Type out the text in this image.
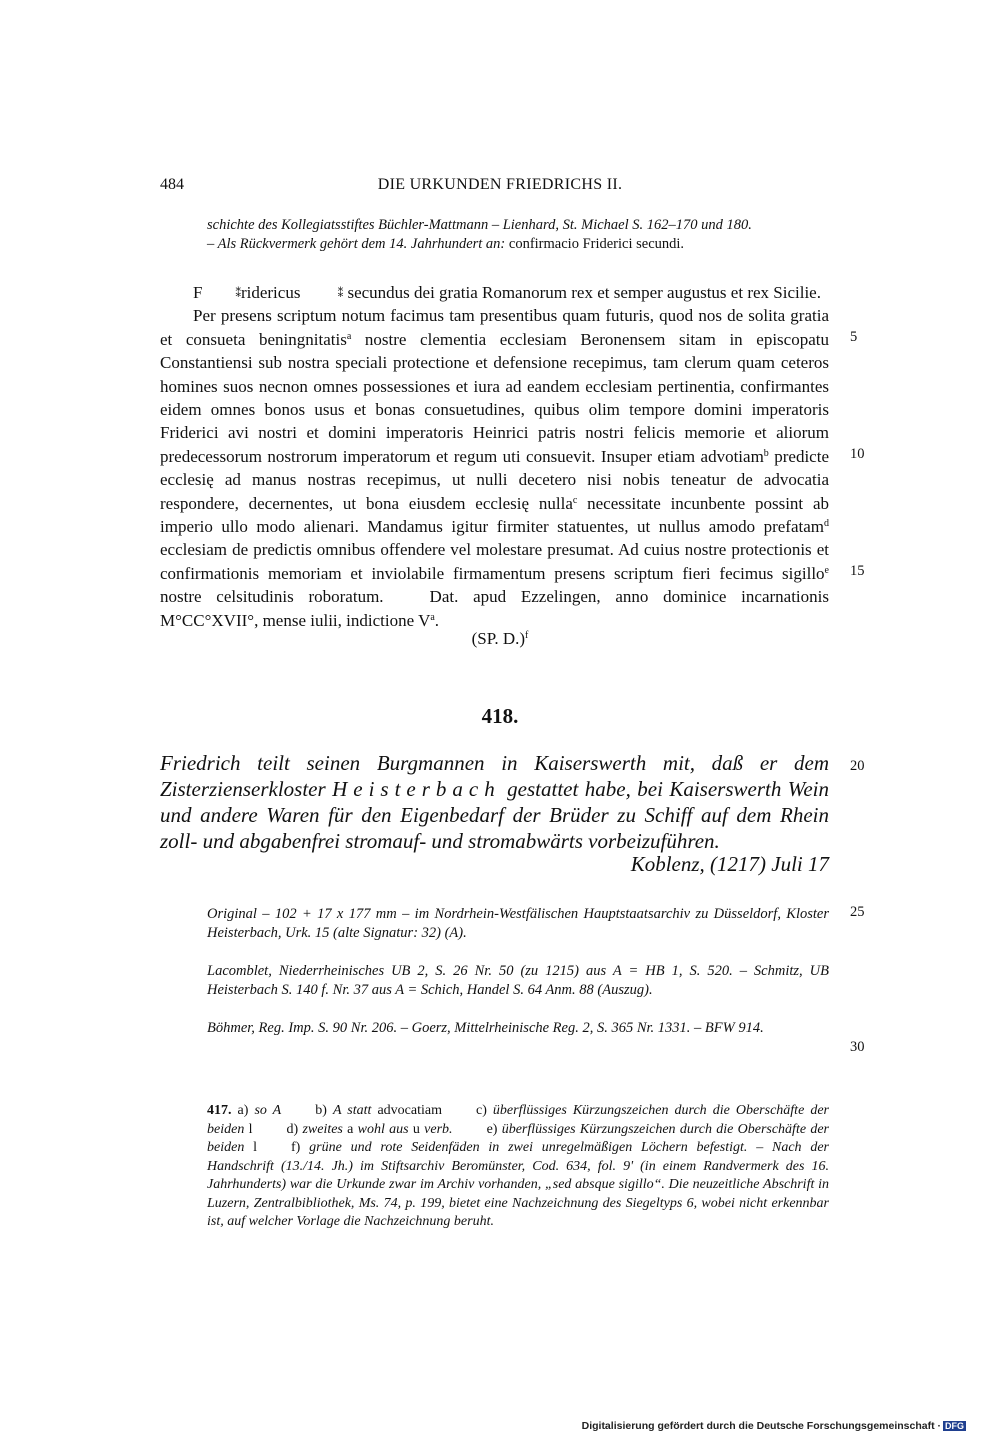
484	DIE URKUNDEN FRIEDRICHS II.
schichte des Kollegiatsstiftes Büchler-Mattmann – Lienhard, St. Michael S. 162–170 und 180.
– Als Rückvermerk gehört dem 14. Jahrhundert an: confirmacio Friderici secundi.

F	⁑ridericus	⁑ secundus dei gratia Romanorum rex et semper augustus et rex Sicilie.

Per presens scriptum notum facimus tam presentibus quam futuris, quod nos de solita gratia et consueta beningnitatis$^a$ nostre clementia ecclesiam Beronensem sitam in episcopatu Constantiensi sub nostra speciali protectione et defensione recepimus, tam clerum quam ceteros homines suos necnon omnes possessiones et iura ad eandem ecclesiam pertinentia, confirmantes eidem omnes bonos usus et bonas consuetudines, quibus olim tempore domini imperatoris Friderici avi nostri et domini imperatoris Heinrici patris nostri felicis memorie et aliorum predecessorum nostrorum imperatorum et regum uti consuevit. Insuper etiam advotiam$^b$ predicte ecclesię ad manus nostras recepimus, ut nulli decetero nisi nobis teneatur de advocatia respondere, decernentes, ut bona eiusdem ecclesię nulla$^c$ necessitate incunbente possint ab imperio ullo modo alienari. Mandamus igitur firmiter statuentes, ut nullus amodo prefatam$^d$ ecclesiam de predictis omnibus offendere vel molestare presumat. Ad cuius nostre protectionis et confirmationis memoriam et inviolabile firmamentum presens scriptum fieri fecimus sigillo$^e$ nostre celsitudinis roboratum.	Dat. apud Ezzelingen, anno dominice incarnationis M°CC°XVII°, mense iulii, indictione $V^a$.

(SP. D.)$^f$
418.
Friedrich teilt seinen Burgmannen in Kaiserswerth mit, daß er dem Zisterzienserkloster Heisterbach gestattet habe, bei Kaiserswerth Wein und andere Waren für den Eigenbedarf der Brüder zu Schiff auf dem Rhein zoll- und abgabenfrei stromauf- und stromabwärts vorbeizuführen.
Koblenz, (1217) Juli 17
Original – 102 + 17 x 177 mm – im Nordrhein-Westfälischen Hauptstaatsarchiv zu Düsseldorf, Kloster Heisterbach, Urk. 15 (alte Signatur: 32) (A).
Lacomblet, Niederrheinisches UB 2, S. 26 Nr. 50 (zu 1215) aus A = HB 1, S. 520. – Schmitz, UB Heisterbach S. 140 f. Nr. 37 aus A = Schich, Handel S. 64 Anm. 88 (Auszug).
Böhmer, Reg. Imp. S. 90 Nr. 206. – Goerz, Mittelrheinische Reg. 2, S. 365 Nr. 1331. – BFW 914.
5
10
15
20
25
30
417. a) so A b) A statt advocatiam c) überflüssiges Kürzungszeichen durch die Oberschäfte der beiden l d) zweites a wohl aus u verb. e) überflüssiges Kürzungszeichen durch die Oberschäfte der beiden l f) grüne und rote Seidenfäden in zwei unregelmäßigen Löchern befestigt. – Nach der Handschrift (13./14. Jh.) im Stiftsarchiv Beromünster, Cod. 634, fol. 9' (in einem Randvermerk des 16. Jahrhunderts) war die Urkunde zwar im Archiv vorhanden, „sed absque sigillo“. Die neuzeitliche Abschrift in Luzern, Zentralbibliothek, Ms. 74, p. 199, bietet eine Nachzeichnung des Siegeltyps 6, wobei nicht erkennbar ist, auf welcher Vorlage die Nachzeichnung beruht.
Digitalisierung gefördert durch die Deutsche Forschungsgemeinschaft · DFG
